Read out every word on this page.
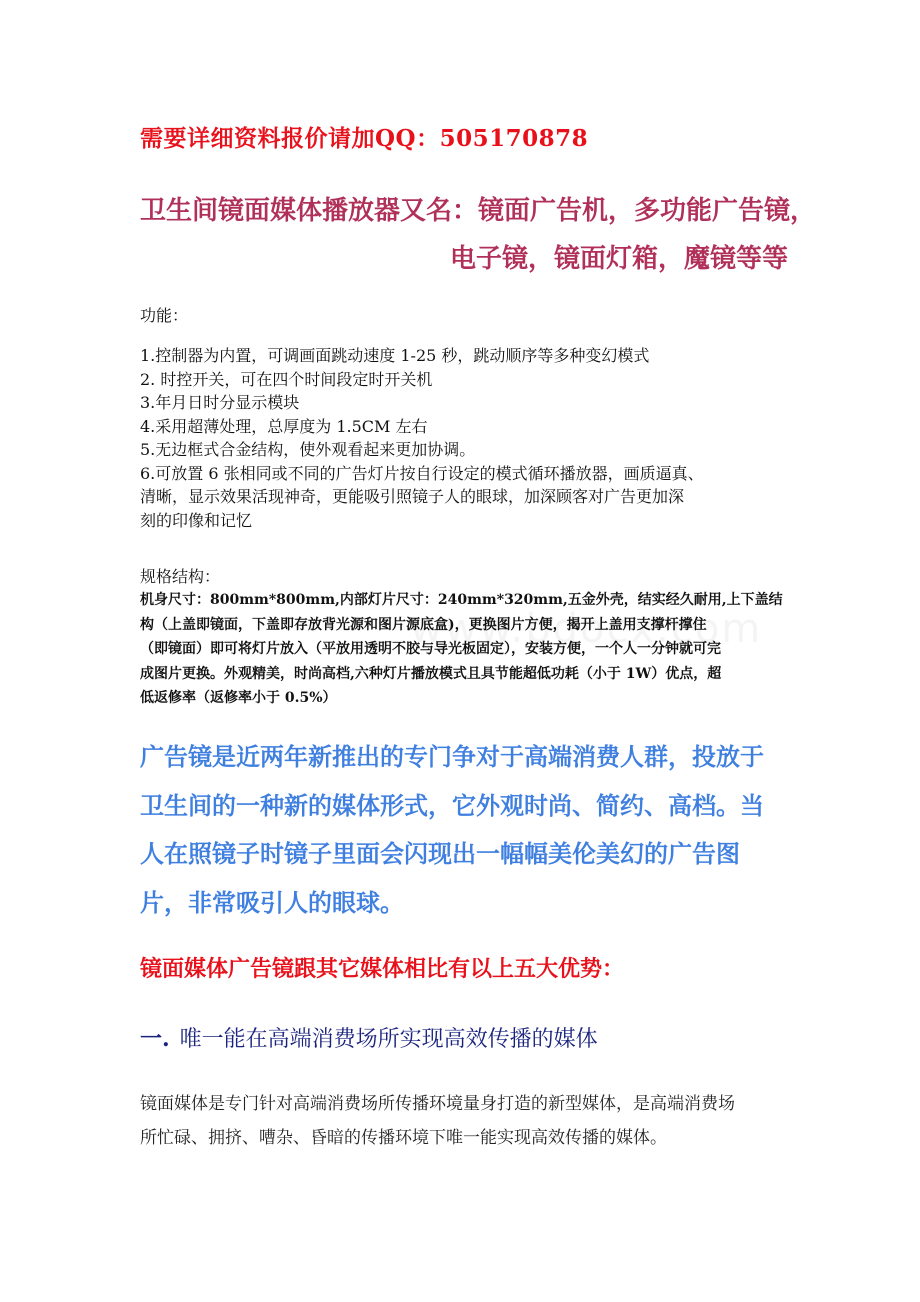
需要详细资料报价请加QQ：505170878
卫生间镜面媒体播放器又名：镜面广告机，多功能广告镜，
电子镜，镜面灯箱，魔镜等等
功能：
1.控制器为内置，可调画面跳动速度 1-25 秒，跳动顺序等多种变幻模式
2. 时控开关，可在四个时间段定时开关机
3.年月日时分显示模块
4.采用超薄处理，总厚度为 1.5CM 左右
5.无边框式合金结构，使外观看起来更加协调。
6.可放置 6 张相同或不同的广告灯片按自行设定的模式循环播放器，画质逼真、
清晰，显示效果活现神奇，更能吸引照镜子人的眼球，加深顾客对广告更加深
刻的印像和记忆
规格结构：
机身尺寸：800mm*800mm,内部灯片尺寸：240mm*320mm,五金外壳，结实经久耐用,上下盖结
构（上盖即镜面，下盖即存放背光源和图片源底盒)，更换图片方便，揭开上盖用支撑杆撑住
（即镜面）即可将灯片放入（平放用透明不胶与导光板固定），安装方便，一个人一分钟就可完
成图片更换。外观精美，时尚高档,六种灯片播放模式且具节能超低功耗（小于 1W）优点，超
低返修率（返修率小于 0.5%）
广告镜是近两年新推出的专门争对于高端消费人群，投放于
卫生间的一种新的媒体形式，它外观时尚、简约、高档。当
人在照镜子时镜子里面会闪现出一幅幅美伦美幻的广告图
片，非常吸引人的眼球。
镜面媒体广告镜跟其它媒体相比有以上五大优势：
一. 唯一能在高端消费场所实现高效传播的媒体
镜面媒体是专门针对高端消费场所传播环境量身打造的新型媒体，是高端消费场
所忙碌、拥挤、嘈杂、昏暗的传播环境下唯一能实现高效传播的媒体。
